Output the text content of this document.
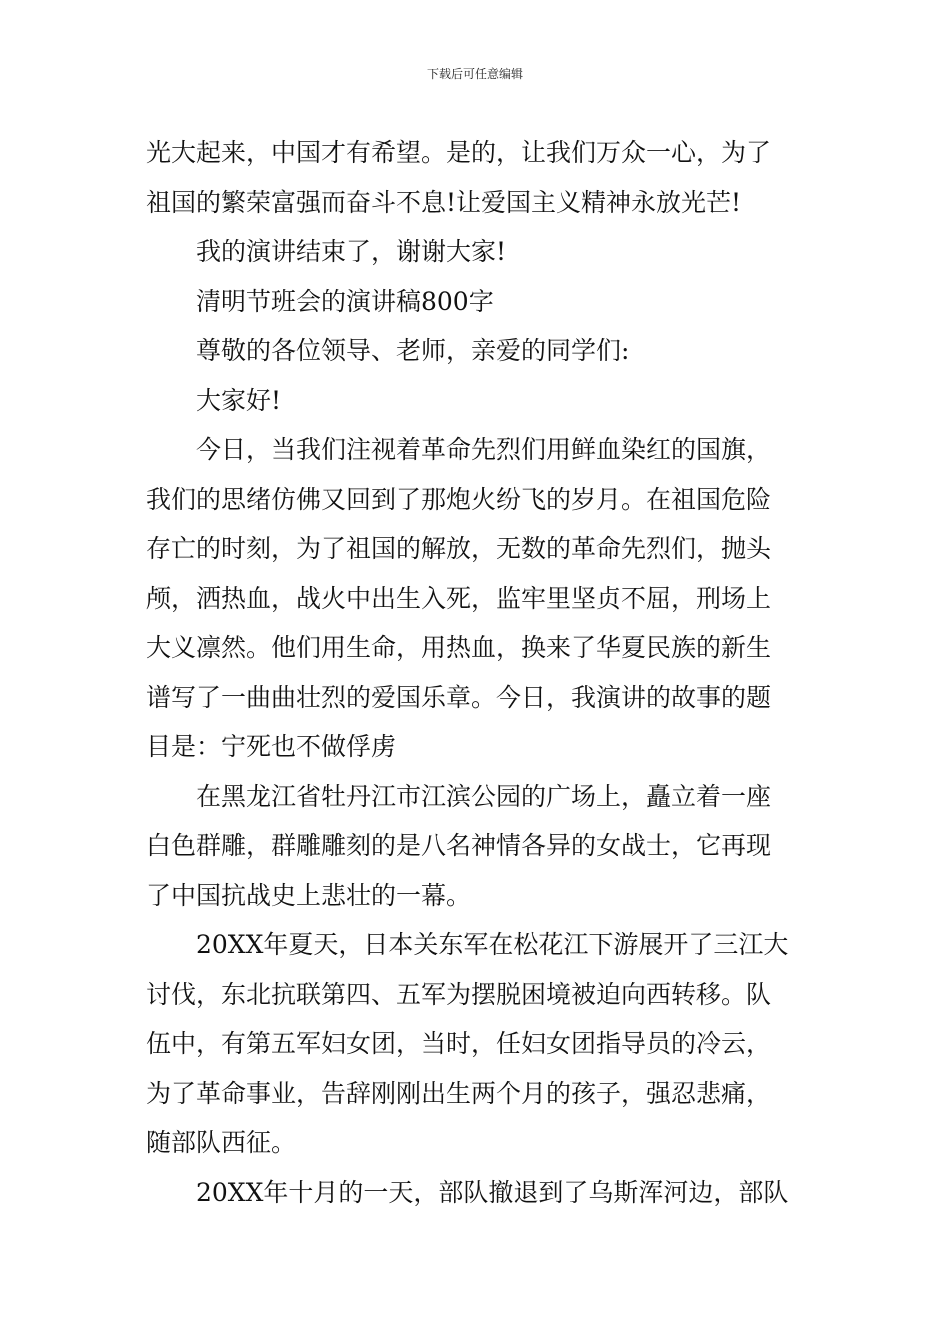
下载后可任意编辑
光大起来，中国才有希望。是的，让我们万众一心，为了
祖国的繁荣富强而奋斗不息!让爱国主义精神永放光芒!
我的演讲结束了，谢谢大家!
清明节班会的演讲稿800字
尊敬的各位领导、老师，亲爱的同学们:
大家好!
今日，当我们注视着革命先烈们用鲜血染红的国旗，
我们的思绪仿佛又回到了那炮火纷飞的岁月。在祖国危险
存亡的时刻，为了祖国的解放，无数的革命先烈们，抛头
颅，洒热血，战火中出生入死，监牢里坚贞不屈，刑场上
大义凛然。他们用生命，用热血，换来了华夏民族的新生
谱写了一曲曲壮烈的爱国乐章。今日，我演讲的故事的题
目是：宁死也不做俘虏
在黑龙江省牡丹江市江滨公园的广场上，矗立着一座
白色群雕，群雕雕刻的是八名神情各异的女战士，它再现
了中国抗战史上悲壮的一幕。
20XX年夏天，日本关东军在松花江下游展开了三江大
讨伐，东北抗联第四、五军为摆脱困境被迫向西转移。队
伍中，有第五军妇女团，当时，任妇女团指导员的冷云，
为了革命事业，告辞刚刚出生两个月的孩子，强忍悲痛，
随部队西征。
20XX年十月的一天，部队撤退到了乌斯浑河边，部队
